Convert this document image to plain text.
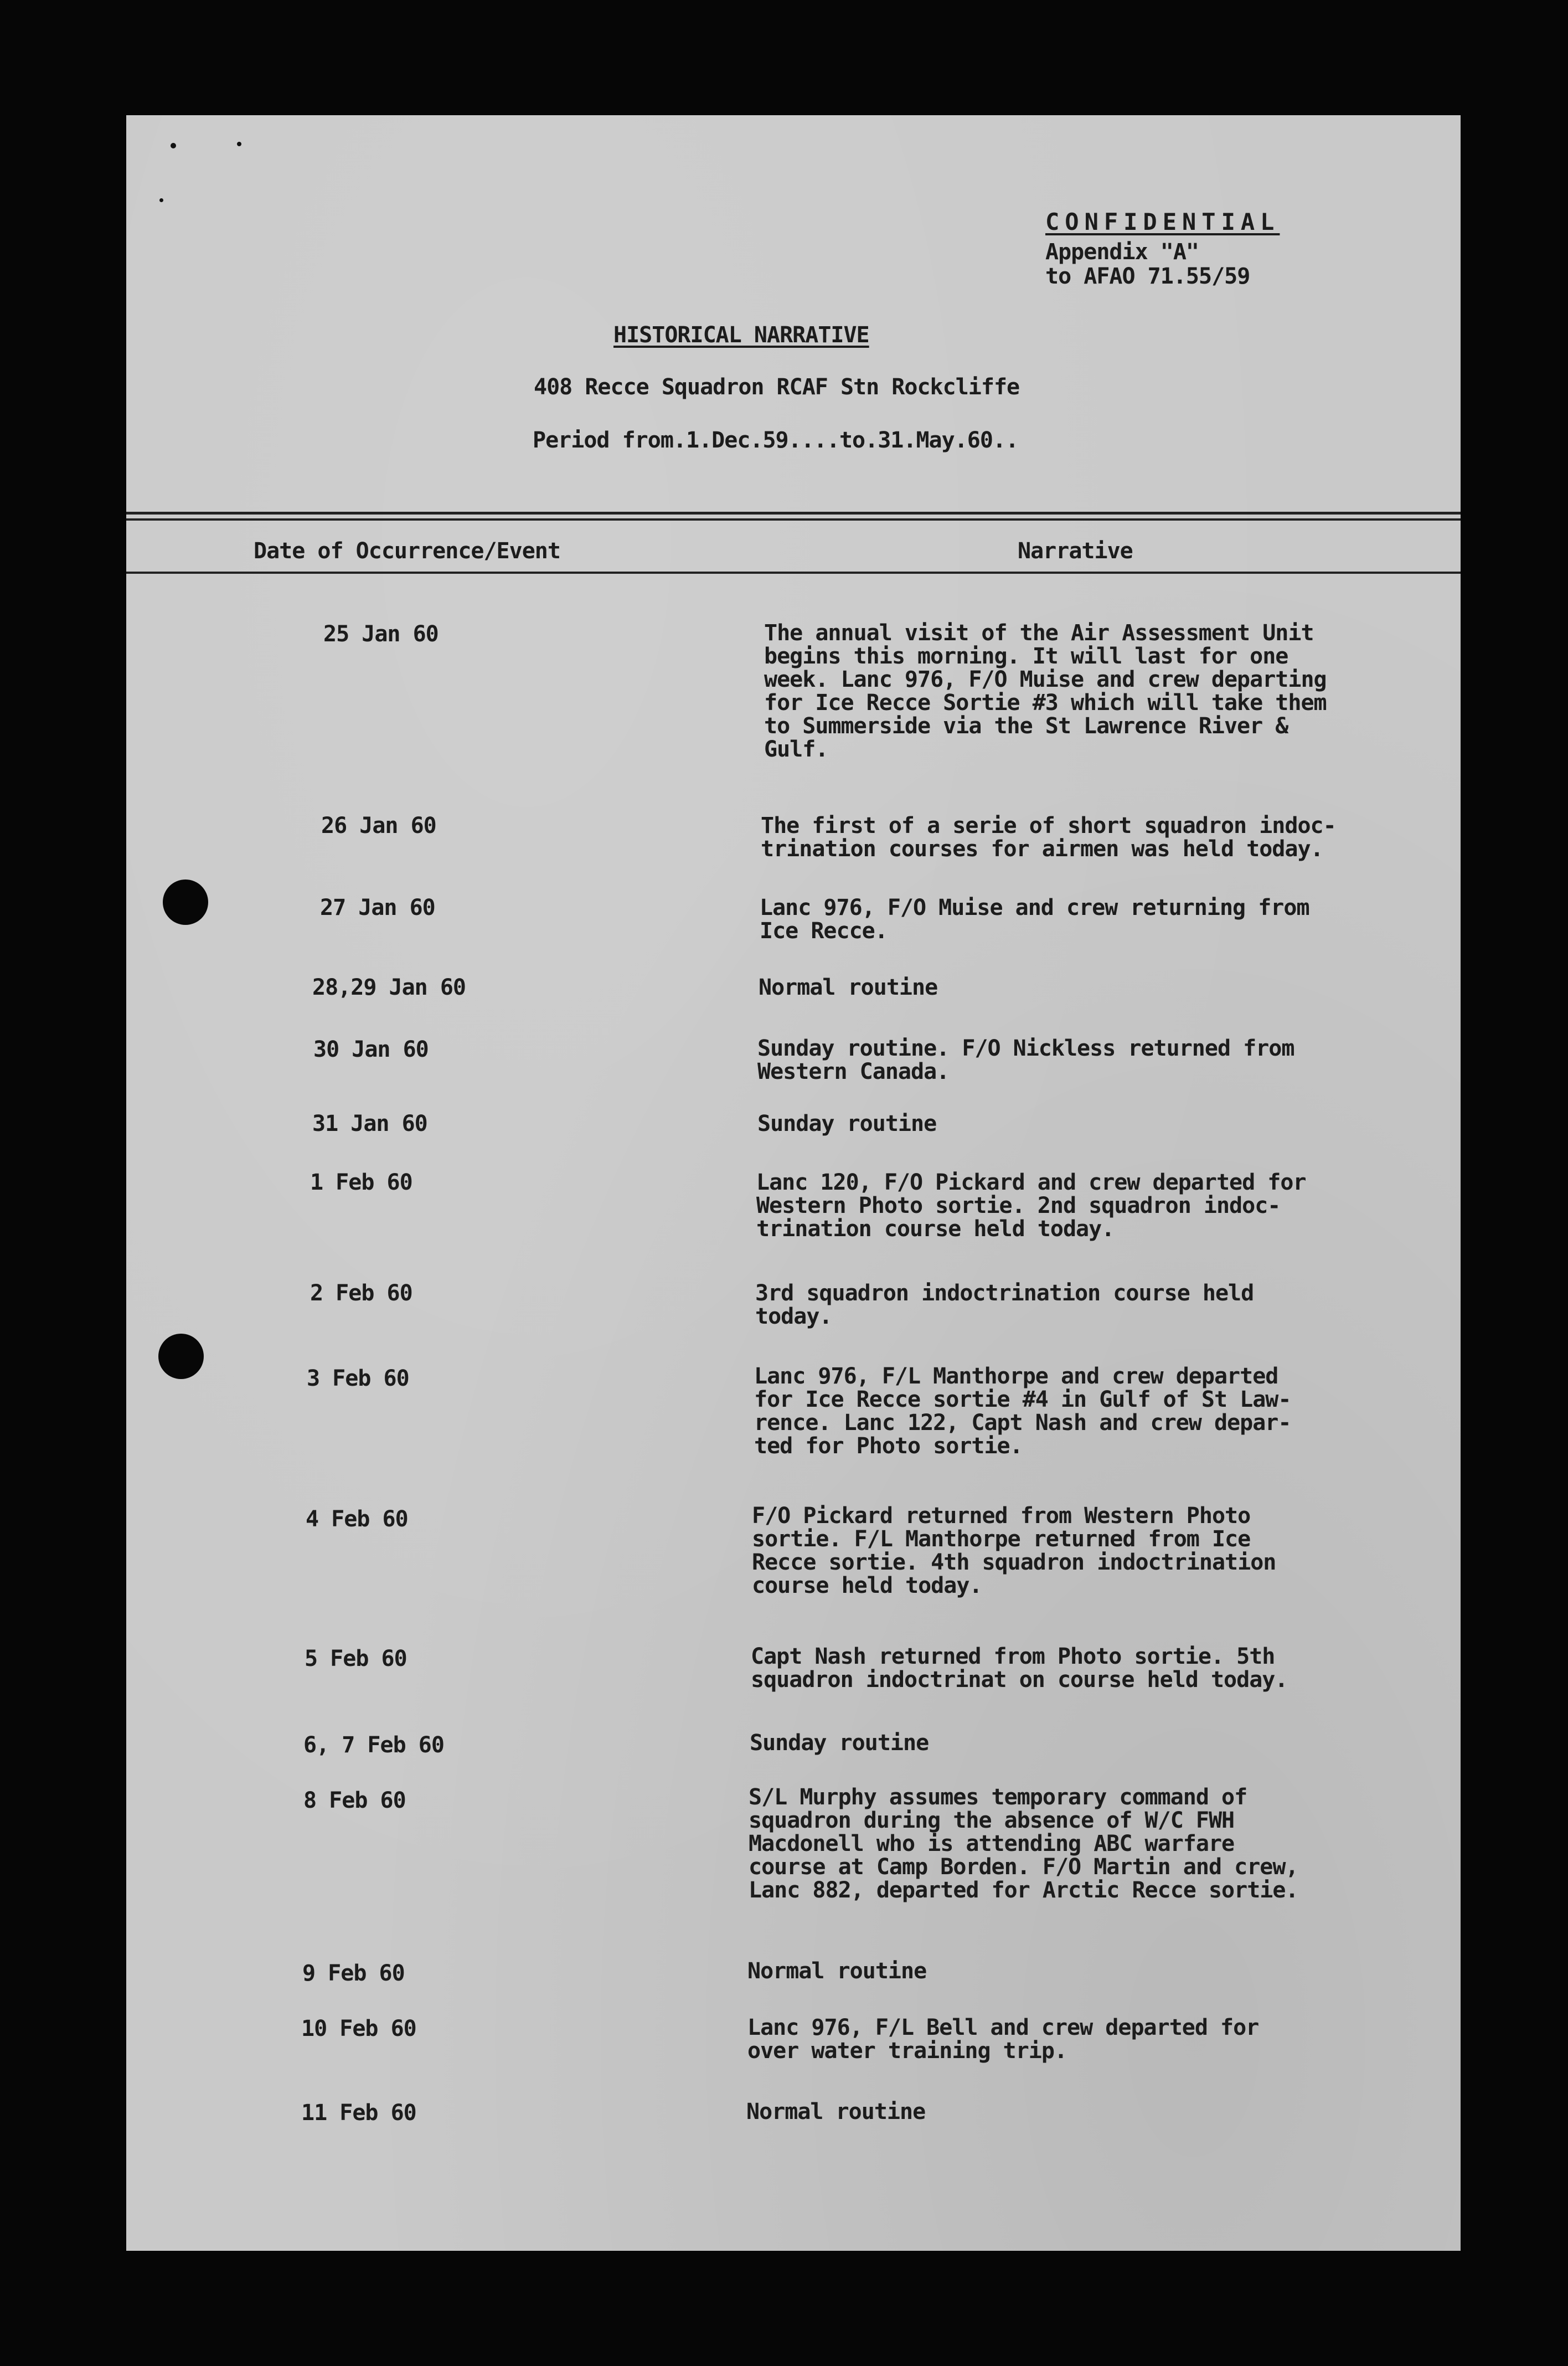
CONFIDENTIAL
Appendix "A"
to AFAO 71.55/59
HISTORICAL NARRATIVE
408 Recce Squadron RCAF Stn Rockcliffe
Period from.1.Dec.59....to.31.May.60..
Date of Occurrence/Event	Narrative
25 Jan 60
26 Jan 60
27 Jan 60
28,29 Jan 60
30 Jan 60
31 Jan 60
1 Feb 60
2 Feb 60
3 Feb 60
4 Feb 60
5 Feb 60
6, 7 Feb 60
8 Feb 60
9 Feb 60
10 Feb 60
11 Feb 60
The annual visit of the Air Assessment Unit
begins this morning. It will last for one
week. Lanc 976, F/O Muise and crew departing
for Ice Recce Sortie #3 which will take them
to Summerside via the St Lawrence River &
Gulf.
The first of a serie of short squadron indoc-
trination courses for airmen was held today.
Lanc 976, F/O Muise and crew returning from
Ice Recce.
Normal routine
Sunday routine. F/O Nickless returned from
Western Canada.
Sunday routine
Lanc 120, F/O Pickard and crew departed for
Western Photo sortie. 2nd squadron indoc-
trination course held today.
3rd squadron indoctrination course held
today.
Lanc 976, F/L Manthorpe and crew departed
for Ice Recce sortie #4 in Gulf of St Law-
rence. Lanc 122, Capt Nash and crew depar-
ted for Photo sortie.
F/O Pickard returned from Western Photo
sortie. F/L Manthorpe returned from Ice
Recce sortie. 4th squadron indoctrination
course held today.
Capt Nash returned from Photo sortie. 5th
squadron indoctrinat on course held today.
Sunday routine
S/L Murphy assumes temporary command of
squadron during the absence of W/C FWH
Macdonell who is attending ABC warfare
course at Camp Borden. F/O Martin and crew,
Lanc 882, departed for Arctic Recce sortie.
Normal routine
Lanc 976, F/L Bell and crew departed for
over water training trip.
Normal routine
